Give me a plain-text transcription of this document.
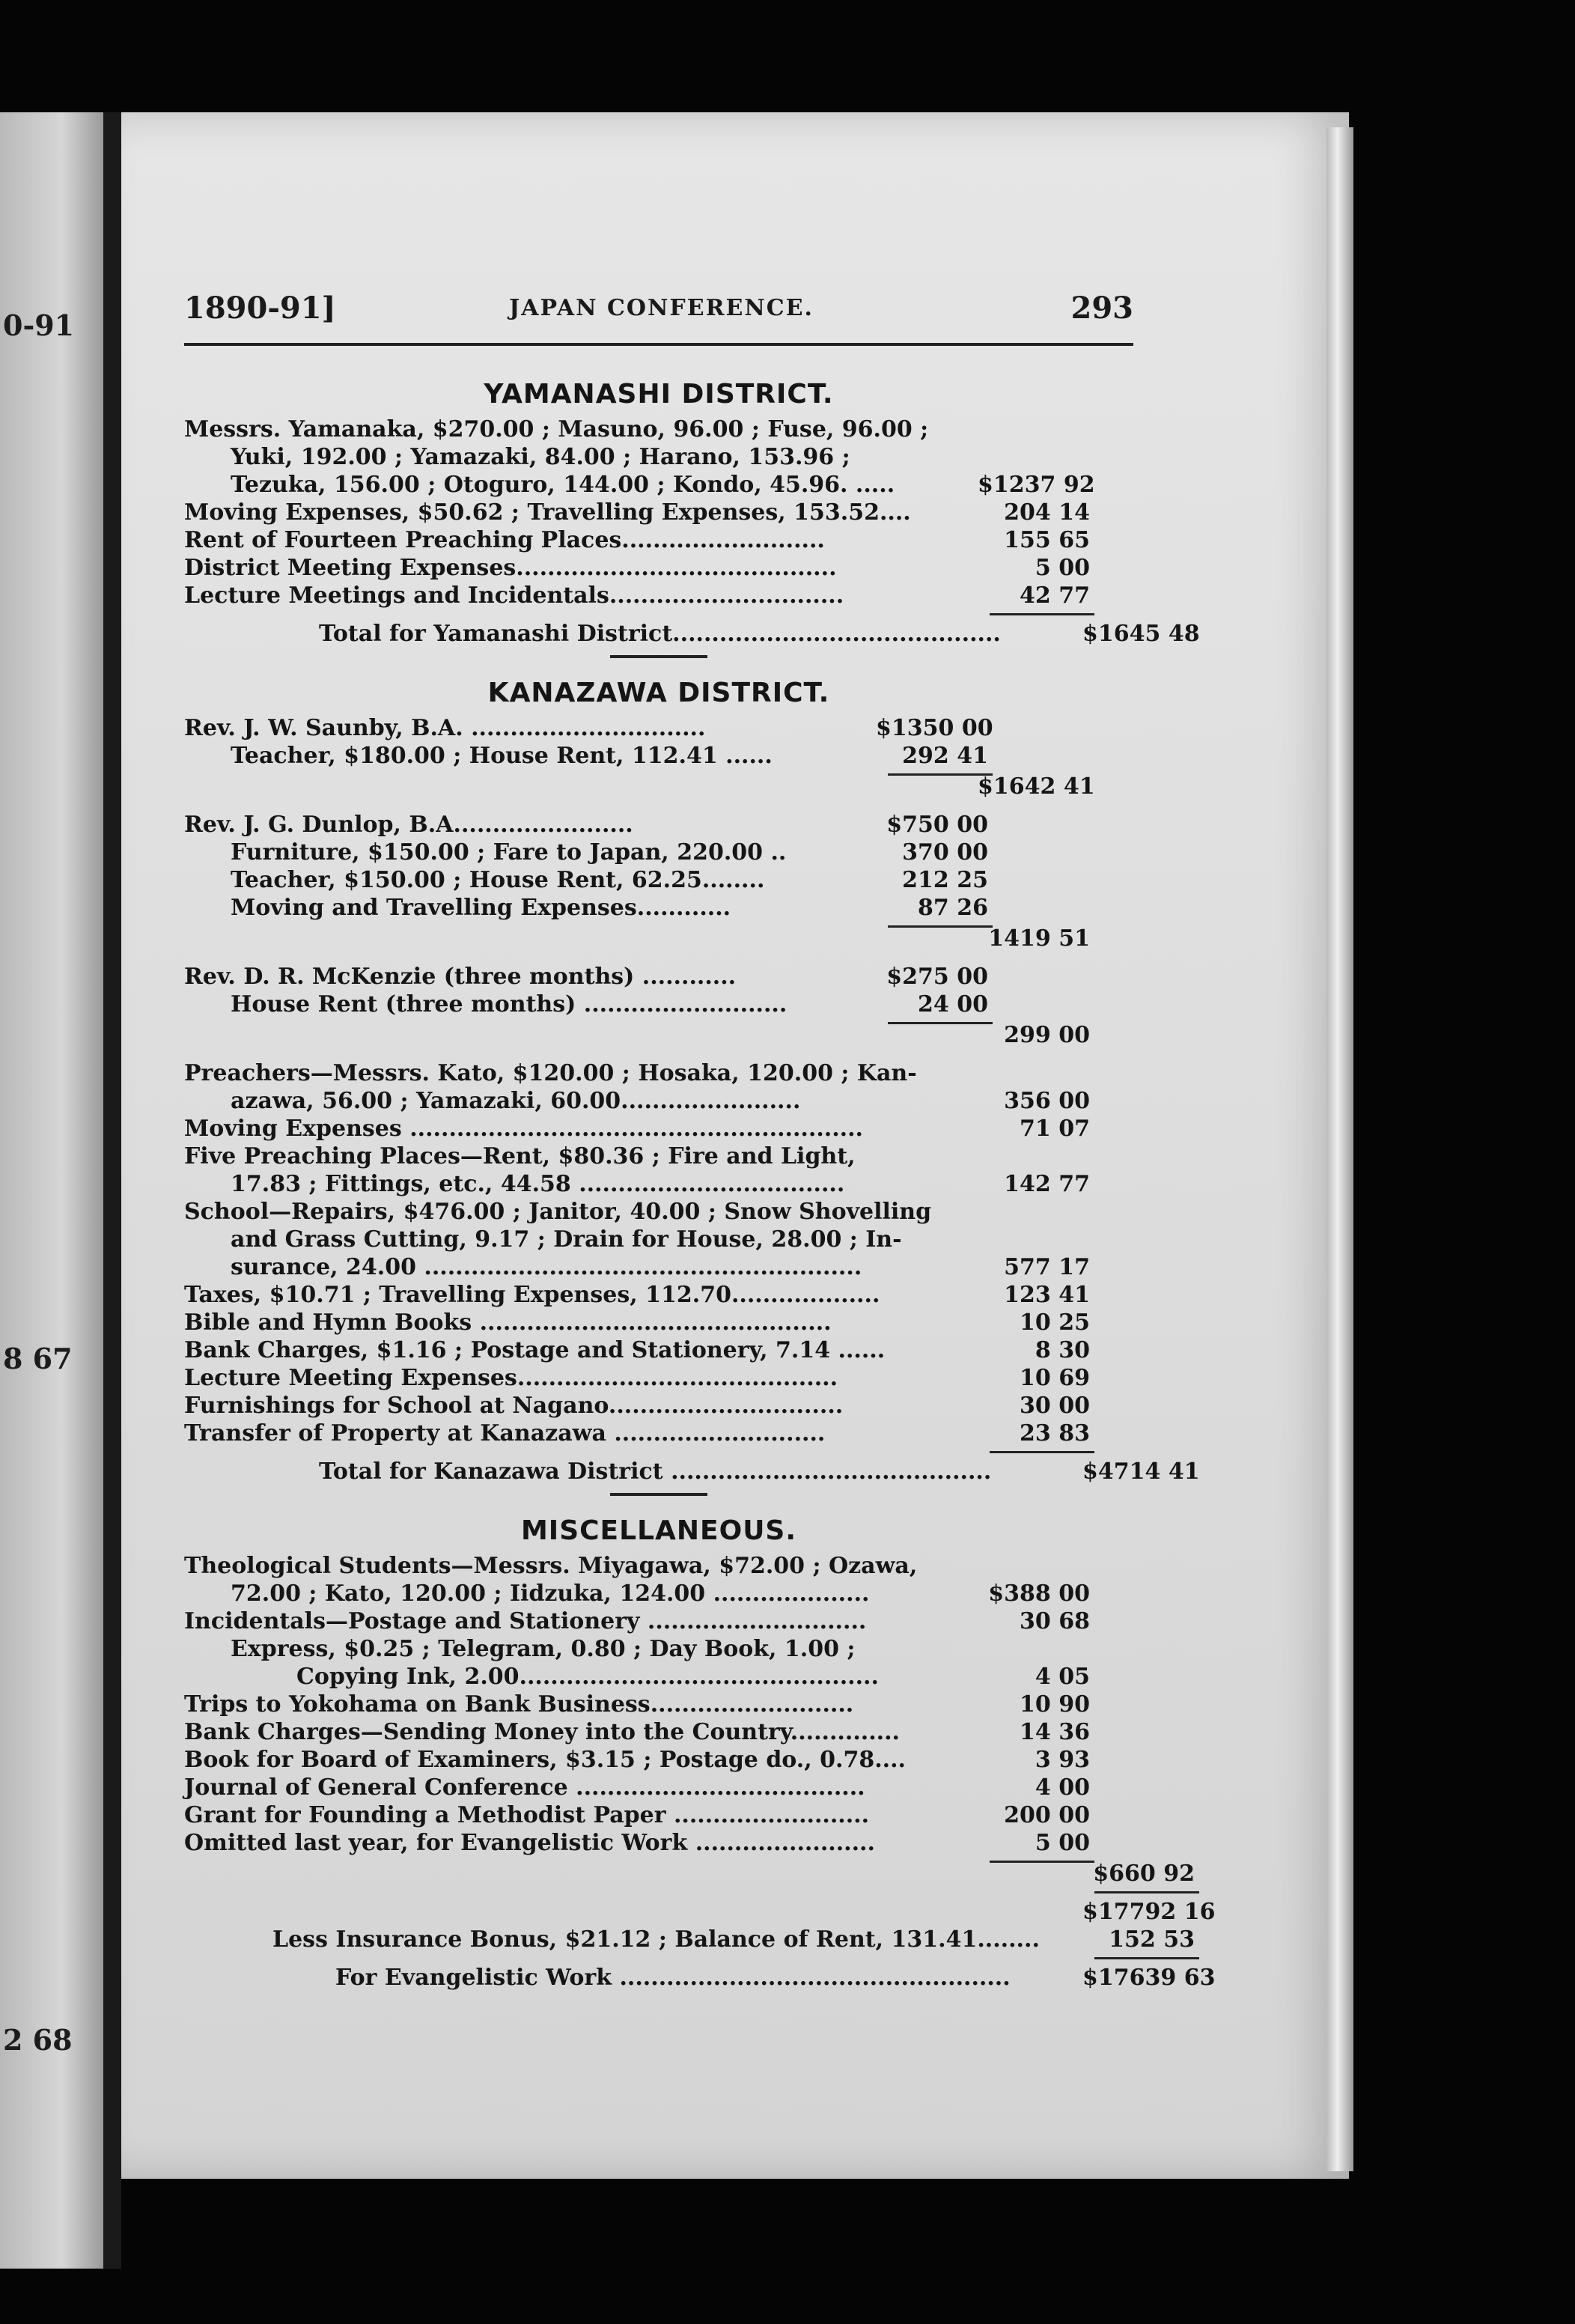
0-91
8 67
2 68
1890-91]	JAPAN CONFERENCE.	293
YAMANASHI DISTRICT.
Messrs. Yamanaka, $270.00 ; Masuno, 96.00 ; Fuse, 96.00 ;
Yuki, 192.00 ; Yamazaki, 84.00 ; Harano, 153.96 ;
Tezuka, 156.00 ; Otoguro, 144.00 ; Kondo, 45.96. .....	$1237 92
Moving Expenses, $50.62 ; Travelling Expenses, 153.52....	204 14
Rent of Fourteen Preaching Places..........................	155 65
District Meeting Expenses.........................................	5 00
Lecture Meetings and Incidentals..............................	42 77
Total for Yamanashi District..........................................	$1645 48
KANAZAWA DISTRICT.
Rev. J. W. Saunby, B.A. ..............................	$1350 00
Teacher, $180.00 ; House Rent, 112.41 ......	292 41
$1642 41
Rev. J. G. Dunlop, B.A.......................	$750 00
Furniture, $150.00 ; Fare to Japan, 220.00 ..	370 00
Teacher, $150.00 ; House Rent, 62.25........	212 25
Moving and Travelling Expenses............	87 26
1419 51
Rev. D. R. McKenzie (three months) ............	$275 00
House Rent (three months) ..........................	24 00
299 00
Preachers—Messrs. Kato, $120.00 ; Hosaka, 120.00 ; Kan-
azawa, 56.00 ; Yamazaki, 60.00.......................	356 00
Moving Expenses ..........................................................	71 07
Five Preaching Places—Rent, $80.36 ; Fire and Light,
17.83 ; Fittings, etc., 44.58 ..................................	142 77
School—Repairs, $476.00 ; Janitor, 40.00 ; Snow Shovelling
and Grass Cutting, 9.17 ; Drain for House, 28.00 ; In-
surance, 24.00 ........................................................	577 17
Taxes, $10.71 ; Travelling Expenses, 112.70...................	123 41
Bible and Hymn Books .............................................	10 25
Bank Charges, $1.16 ; Postage and Stationery, 7.14 ......	8 30
Lecture Meeting Expenses.........................................	10 69
Furnishings for School at Nagano..............................	30 00
Transfer of Property at Kanazawa ...........................	23 83
Total for Kanazawa District .........................................	$4714 41
MISCELLANEOUS.
Theological Students—Messrs. Miyagawa, $72.00 ; Ozawa,
72.00 ; Kato, 120.00 ; Iidzuka, 124.00 ....................	$388 00
Incidentals—Postage and Stationery ............................	30 68
Express, $0.25 ; Telegram, 0.80 ; Day Book, 1.00 ;
Copying Ink, 2.00..............................................	4 05
Trips to Yokohama on Bank Business..........................	10 90
Bank Charges—Sending Money into the Country..............	14 36
Book for Board of Examiners, $3.15 ; Postage do., 0.78....	3 93
Journal of General Conference .....................................	4 00
Grant for Founding a Methodist Paper .........................	200 00
Omitted last year, for Evangelistic Work .......................	5 00
$660 92
$17792 16
Less Insurance Bonus, $21.12 ; Balance of Rent, 131.41........	152 53
For Evangelistic Work ..................................................	$17639 63
